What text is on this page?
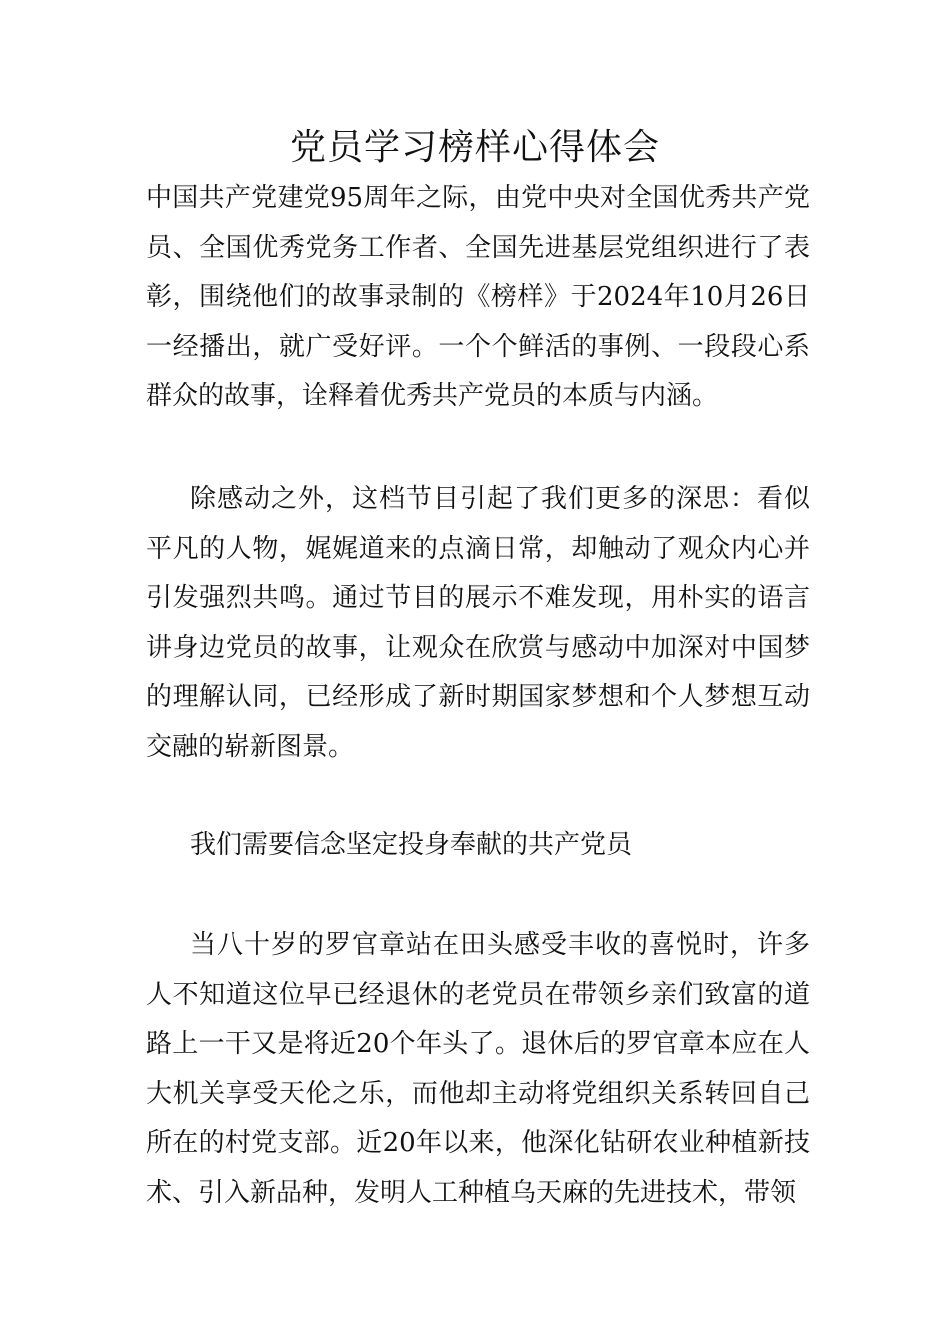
党员学习榜样心得体会

中国共产党建党95周年之际，由党中央对全国优秀共产党员、全国优秀党务工作者、全国先进基层党组织进行了表彰，围绕他们的故事录制的《榜样》于2024年10月26日一经播出，就广受好评。一个个鲜活的事例、一段段心系群众的故事，诠释着优秀共产党员的本质与内涵。

除感动之外，这档节目引起了我们更多的深思：看似平凡的人物，娓娓道来的点滴日常，却触动了观众内心并引发强烈共鸣。通过节目的展示不难发现，用朴实的语言讲身边党员的故事，让观众在欣赏与感动中加深对中国梦的理解认同，已经形成了新时期国家梦想和个人梦想互动交融的崭新图景。

我们需要信念坚定投身奉献的共产党员

当八十岁的罗官章站在田头感受丰收的喜悦时，许多人不知道这位早已经退休的老党员在带领乡亲们致富的道路上一干又是将近20个年头了。退休后的罗官章本应在人大机关享受天伦之乐，而他却主动将党组织关系转回自己所在的村党支部。近20年以来，他深化钻研农业种植新技术、引入新品种，发明人工种植乌天麻的先进技术，带领
